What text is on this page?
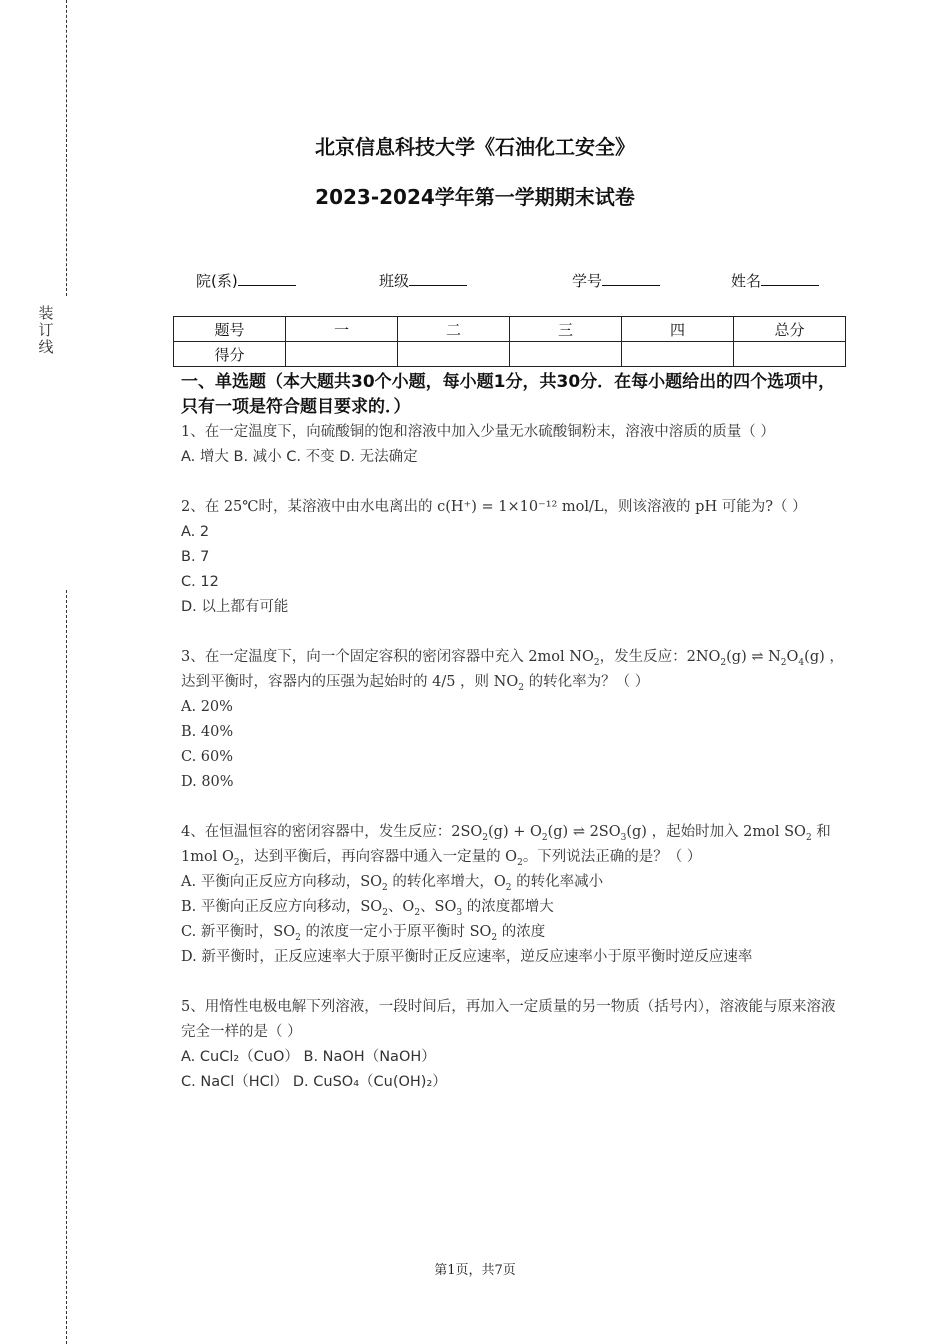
装订线
北京信息科技大学《石油化工安全》
2023-2024学年第一学期期末试卷
院(系)	班级	学号	姓名
题号	一	二	三	四	总分
得分					

一、单选题（本大题共30个小题，每小题1分，共30分．在每小题给出的四个选项中，只有一项是符合题目要求的．）

1、在一定温度下，向硫酸铜的饱和溶液中加入少量无水硫酸铜粉末，溶液中溶质的质量（ ）

A. 增大 B. 减小 C. 不变 D. 无法确定

2、在 25℃时，某溶液中由水电离出的 c(H⁺) = 1×10⁻¹² mol/L，则该溶液的 pH 可能为?（ ）

A. 2

B. 7

C. 12

D. 以上都有可能

3、在一定温度下，向一个固定容积的密闭容器中充入 2mol $NO_2$，发生反应：$2NO_2(g)$ ⇌ $N_2O_4(g)$ ，达到平衡时，容器内的压强为起始时的 4/5 ，则 $NO_2$ 的转化率为？（ ）

A. 20%

B. 40%

C. 60%

D. 80%

4、在恒温恒容的密闭容器中，发生反应：$2SO_2(g) + O_2(g)$ ⇌ $2SO_3(g)$ ，起始时加入 2mol $SO_2$ 和 1mol $O_2$，达到平衡后，再向容器中通入一定量的 $O_2$。下列说法正确的是？（ ）

A. 平衡向正反应方向移动，$SO_2$ 的转化率增大，$O_2$ 的转化率减小

B. 平衡向正反应方向移动，$SO_2$、$O_2$、$SO_3$ 的浓度都增大

C. 新平衡时，$SO_2$ 的浓度一定小于原平衡时 $SO_2$ 的浓度

D. 新平衡时，正反应速率大于原平衡时正反应速率，逆反应速率小于原平衡时逆反应速率

5、用惰性电极电解下列溶液，一段时间后，再加入一定质量的另一物质（括号内），溶液能与原来溶液完全一样的是（ ）

A. CuCl₂（CuO） B. NaOH（NaOH）

C. NaCl（HCl） D. CuSO₄（Cu(OH)₂）

第1页，共7页
